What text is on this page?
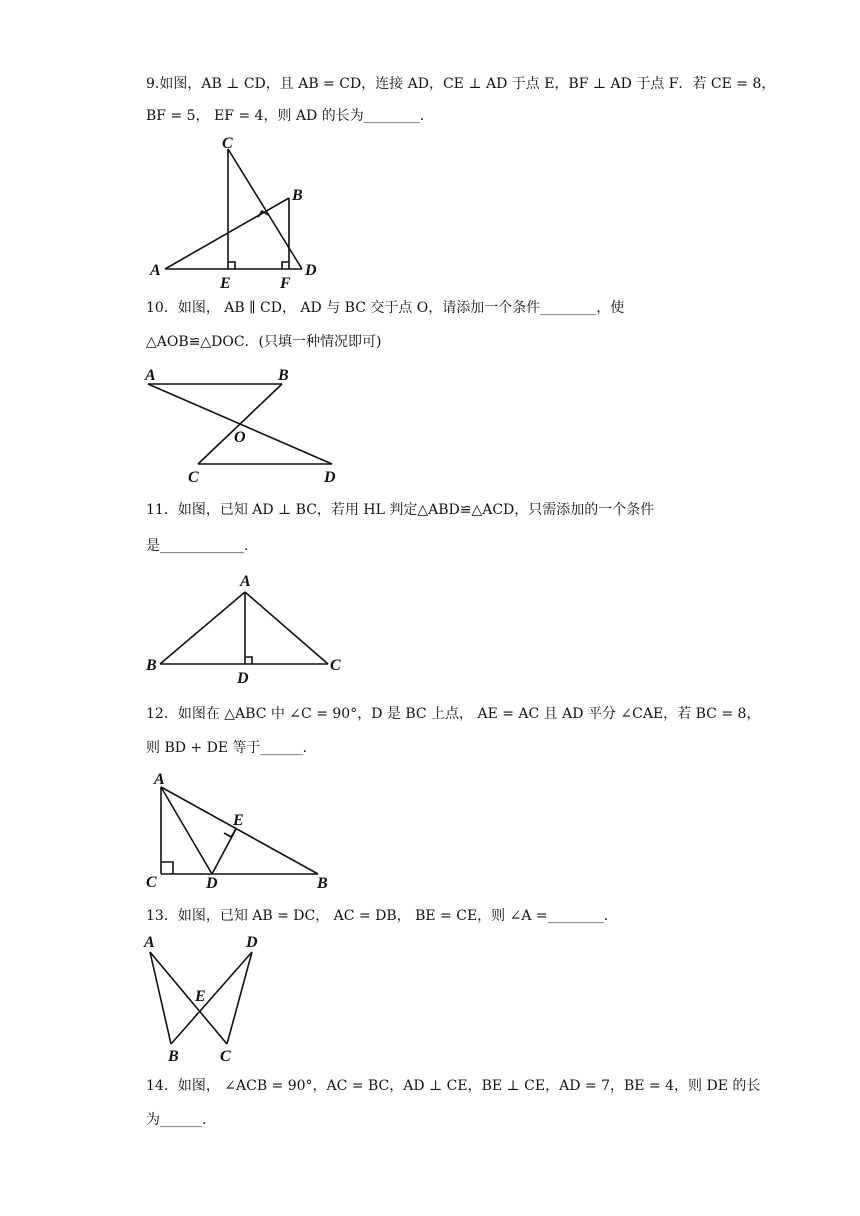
9.如图，AB ⊥ CD，且 AB = CD，连接 AD，CE ⊥ AD 于点 E，BF ⊥ AD 于点 F．若 CE = 8，
BF = 5， EF = 4，则 AD 的长为________．
C
B
A
E	F
D
10．如图， AB ∥ CD， AD 与 BC 交于点 O，请添加一个条件________，使
△AOB≌△DOC．(只填一种情况即可)
A	B
O
C	D
11．如图，已知 AD ⊥ BC，若用 HL 判定△ABD≌△ACD，只需添加的一个条件
是____________.
A
B
D
C
12．如图在 △ABC 中 ∠C = 90°，D 是 BC 上点， AE = AC 且 AD 平分 ∠CAE，若 BC = 8，
则 BD + DE 等于______.
A
E
C	D	B
13．如图，已知 AB = DC， AC = DB， BE = CE，则 ∠A =________.
A	D
E
B	C
14．如图， ∠ACB = 90°，AC = BC，AD ⊥ CE，BE ⊥ CE，AD = 7，BE = 4，则 DE 的长
为______.
